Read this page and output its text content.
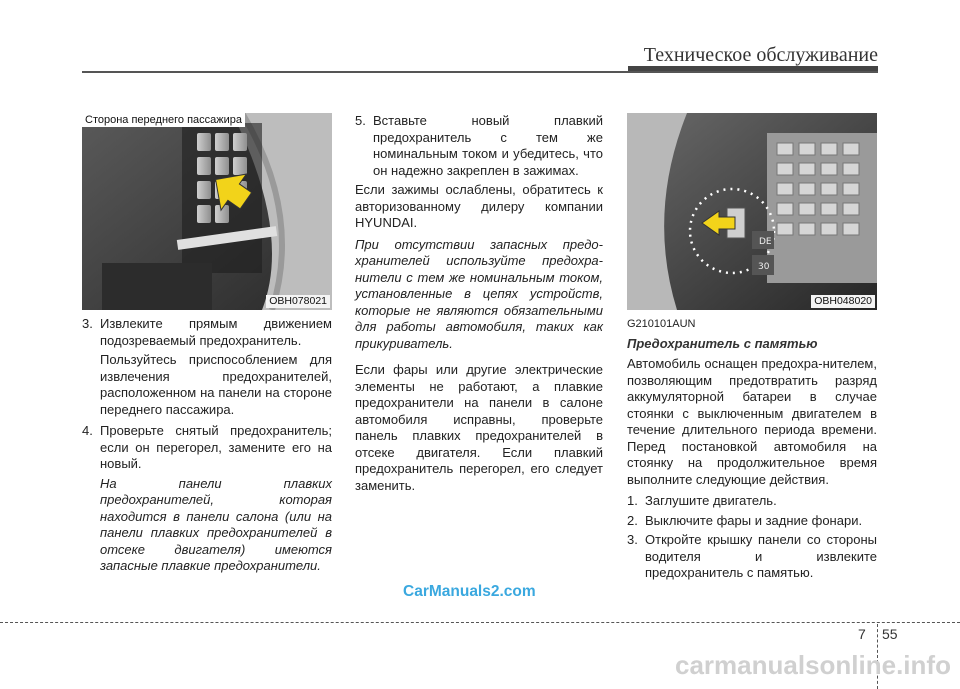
Техническое обслуживание
Сторона переднего пассажира
OBH078021
DE
30
OBH048020
3. Извлеките прямым движением подозреваемый предохранитель.

Пользуйтесь приспособлением для извлечения предохранителей, расположенном на панели на стороне переднего пассажира.

4. Проверьте снятый предохранитель; если он перегорел, замените его на новый.

На панели плавких предохранителей, которая находится в панели салона (или на панели плавких предохранителей в отсеке двигателя) имеются запасные плавкие предохранители.

5. Вставьте новый плавкий предохранитель с тем же номинальным током и убедитесь, что он надежно закреплен в зажимах.

Если зажимы ослаблены, обратитесь к авторизованному дилеру компании HYUNDAI.

При отсутствии запасных предо-хранителей используйте предохра-нители с тем же номинальным током, установленные в цепях устройств, которые не являются обязательными для работы автомобиля, таких как прикуриватель.

Если фары или другие электрические элементы не работают, а плавкие предохранители на панели в салоне автомобиля исправны, проверьте панель плавких предохранителей в отсеке двигателя. Если плавкий предохранитель перегорел, его следует заменить.

G210101AUN

Предохранитель с памятью

Автомобиль оснащен предохра-нителем, позволяющим предотвратить разряд аккумуляторной батареи в случае стоянки с выключенным двигателем в течение длительного периода времени. Перед постановкой автомобиля на стоянку на продолжительное время выполните следующие действия.

1. Заглушите двигатель.
2. Выключите фары и задние фонари.
3. Откройте крышку панели со стороны водителя и извлеките предохранитель с памятью.
CarManuals2.com
7 55
carmanualsonline.info
